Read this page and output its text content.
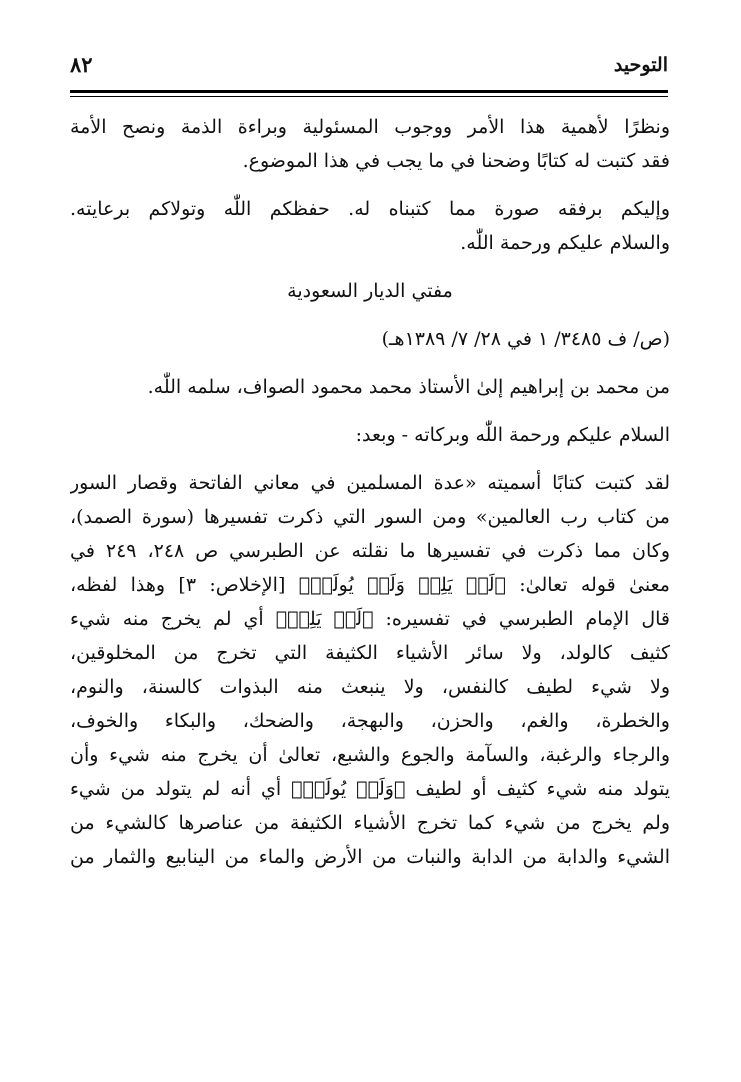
التوحيد
٨٢
ونظرًا لأهمية هذا الأمر ووجوب المسئولية وبراءة الذمة ونصح الأمة
فقد كتبت له كتابًا وضحنا في ما يجب في هذا الموضوع.
وإليكم برفقه صورة مما كتبناه له. حفظكم اللّٰه وتولاكم برعايته.
والسلام عليكم ورحمة اللّٰه.
مفتي الديار السعودية
(ص/ ف ٣٤٨٥/ ١ في ٢٨/ ٧/ ١٣٨٩هـ)
من محمد بن إبراهيم إلىٰ الأستاذ محمد محمود الصواف، سلمه اللّٰه.
السلام عليكم ورحمة اللّٰه وبركاته - وبعد:
لقد كتبت كتابًا أسميته «عدة المسلمين في معاني الفاتحة وقصار السور
من كتاب رب العالمين» ومن السور التي ذكرت تفسيرها (سورة الصمد)،
وكان مما ذكرت في تفسيرها ما نقلته عن الطبرسي ص ٢٤٨، ٢٤٩ في
معنىٰ قوله تعالىٰ: ﴿لَمۡ يَلِدۡ وَلَمۡ يُولَدۡ﴾ [الإخلاص: ٣] وهذا لفظه،
قال الإمام الطبرسي في تفسيره: ﴿لَمۡ يَلِدۡ﴾ أي لم يخرج منه شيء
كثيف كالولد، ولا سائر الأشياء الكثيفة التي تخرج من المخلوقين،
ولا شيء لطيف كالنفس، ولا ينبعث منه البذوات كالسنة، والنوم،
والخطرة، والغم، والحزن، والبهجة، والضحك، والبكاء والخوف،
والرجاء والرغبة، والسآمة والجوع والشبع، تعالىٰ أن يخرج منه شيء وأن
يتولد منه شيء كثيف أو لطيف ﴿وَلَمۡ يُولَدۡ﴾ أي أنه لم يتولد من شيء
ولم يخرج من شيء كما تخرج الأشياء الكثيفة من عناصرها كالشيء من
الشيء والدابة من الدابة والنبات من الأرض والماء من الينابيع والثمار من
